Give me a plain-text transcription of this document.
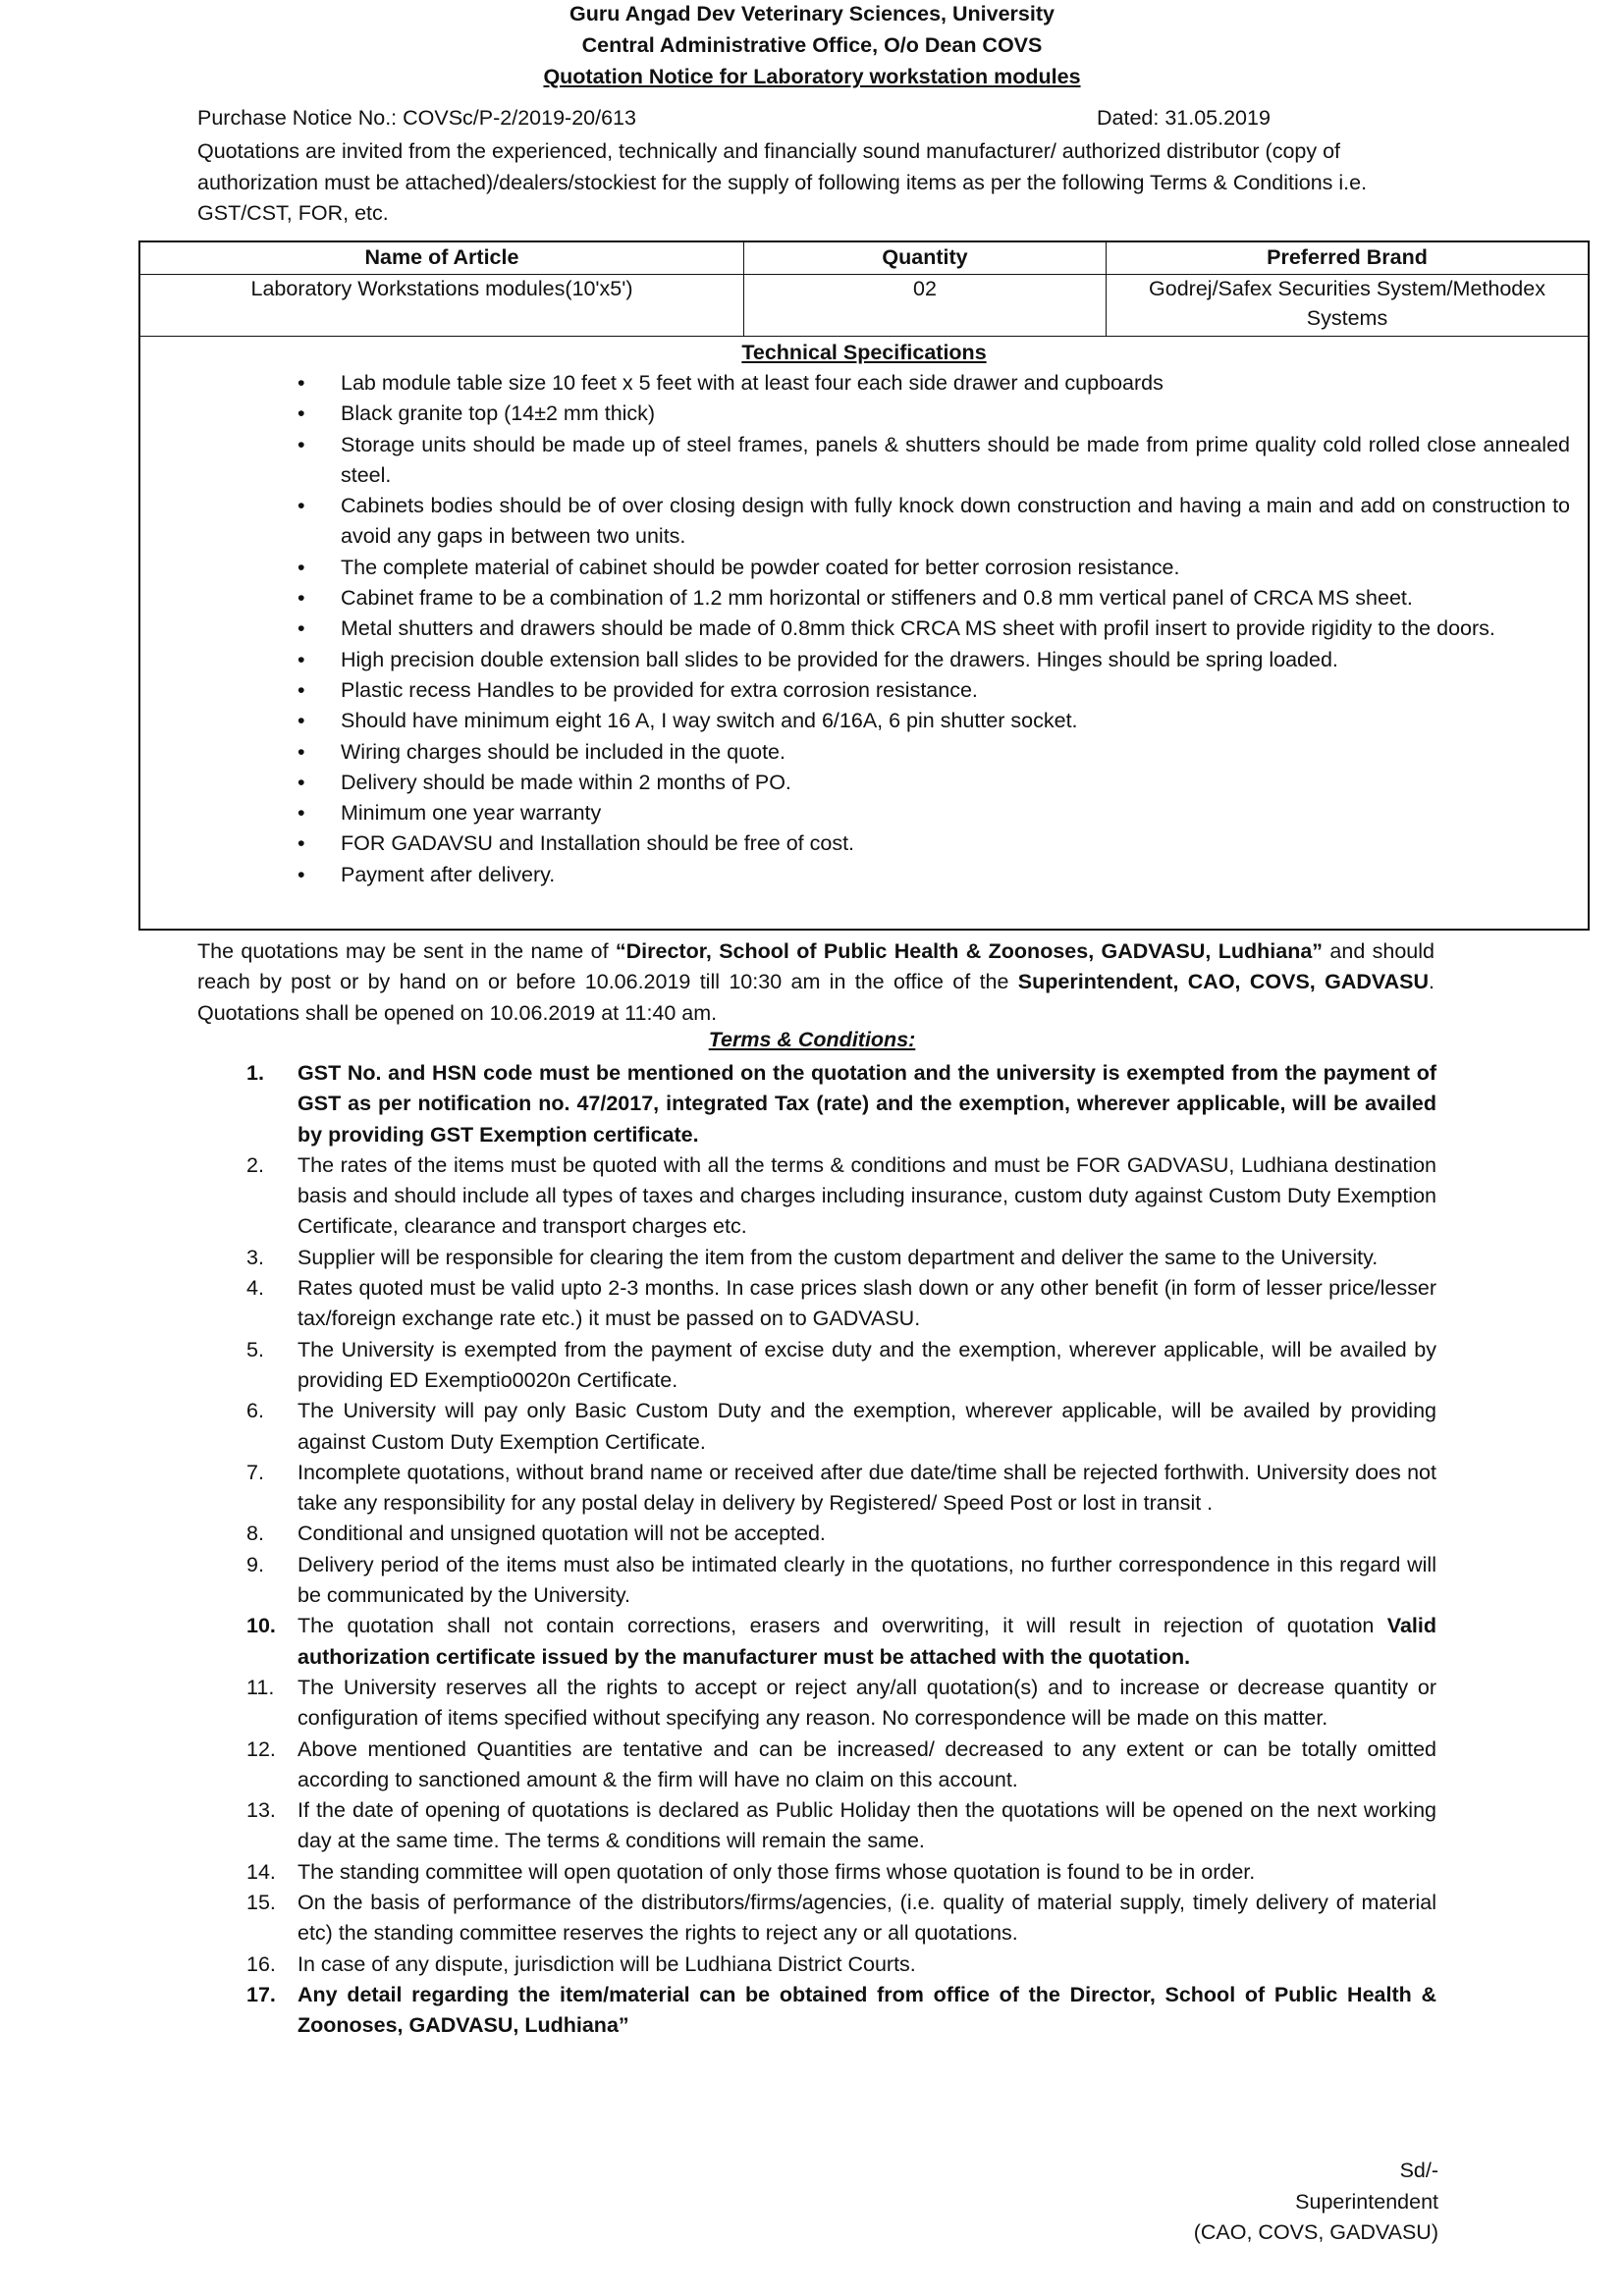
Guru Angad Dev Veterinary Sciences, University
Central Administrative Office, O/o Dean COVS
Quotation Notice for Laboratory workstation modules
Purchase Notice No.: COVSc/P-2/2019-20/613	Dated: 31.05.2019
Quotations are invited from the experienced, technically and financially sound manufacturer/ authorized distributor (copy of authorization must be attached)/dealers/stockiest for the supply of following items as per the following Terms & Conditions i.e. GST/CST, FOR, etc.
Name of Article	Quantity	Preferred Brand
Laboratory Workstations modules(10'x5')	02	Godrej/Safex Securities System/Methodex Systems
Technical Specifications
• Lab module table size 10 feet x 5 feet with at least four each side drawer and cupboards
• Black granite top (14±2 mm thick)
• Storage units should be made up of steel frames, panels & shutters should be made from prime quality cold rolled close annealed steel.
• Cabinets bodies should be of over closing design with fully knock down construction and having a main and add on construction to avoid any gaps in between two units.
• The complete material of cabinet should be powder coated for better corrosion resistance.
• Cabinet frame to be a combination of 1.2 mm horizontal or stiffeners and 0.8 mm vertical panel of CRCA MS sheet.
• Metal shutters and drawers should be made of 0.8mm thick CRCA MS sheet with profil insert to provide rigidity to the doors.
• High precision double extension ball slides to be provided for the drawers. Hinges should be spring loaded.
• Plastic recess Handles to be provided for extra corrosion resistance.
• Should have minimum eight 16 A, I way switch and 6/16A, 6 pin shutter socket.
• Wiring charges should be included in the quote.
• Delivery should be made within 2 months of PO.
• Minimum one year warranty
• FOR GADAVSU and Installation should be free of cost.
• Payment after delivery.
The quotations may be sent in the name of “Director, School of Public Health & Zoonoses, GADVASU, Ludhiana” and should reach by post or by hand on or before 10.06.2019 till 10:30 am in the office of the Superintendent, CAO, COVS, GADVASU. Quotations shall be opened on 10.06.2019 at 11:40 am.
Terms & Conditions:
1.	GST No. and HSN code must be mentioned on the quotation and the university is exempted from the payment of GST as per notification no. 47/2017, integrated Tax (rate) and the exemption, wherever applicable, will be availed by providing GST Exemption certificate.
2.	The rates of the items must be quoted with all the terms & conditions and must be FOR GADVASU, Ludhiana destination basis and should include all types of taxes and charges including insurance, custom duty against Custom Duty Exemption Certificate, clearance and transport charges etc.
3.	Supplier will be responsible for clearing the item from the custom department and deliver the same to the University.
4.	Rates quoted must be valid upto 2-3 months. In case prices slash down or any other benefit (in form of lesser price/lesser tax/foreign exchange rate etc.) it must be passed on to GADVASU.
5.	The University is exempted from the payment of excise duty and the exemption, wherever applicable, will be availed by providing ED Exemptio0020n Certificate.
6.	The University will pay only Basic Custom Duty and the exemption, wherever applicable, will be availed by providing against Custom Duty Exemption Certificate.
7.	Incomplete quotations, without brand name or received after due date/time shall be rejected forthwith. University does not take any responsibility for any postal delay in delivery by Registered/ Speed Post or lost in transit .
8.	Conditional and unsigned quotation will not be accepted.
9.	Delivery period of the items must also be intimated clearly in the quotations, no further correspondence in this regard will be communicated by the University.
10.	The quotation shall not contain corrections, erasers and overwriting, it will result in rejection of quotation Valid authorization certificate issued by the manufacturer must be attached with the quotation.
11.	The University reserves all the rights to accept or reject any/all quotation(s) and to increase or decrease quantity or configuration of items specified without specifying any reason. No correspondence will be made on this matter.
12.	Above mentioned Quantities are tentative and can be increased/ decreased to any extent or can be totally omitted according to sanctioned amount & the firm will have no claim on this account.
13.	If the date of opening of quotations is declared as Public Holiday then the quotations will be opened on the next working day at the same time. The terms & conditions will remain the same.
14.	The standing committee will open quotation of only those firms whose quotation is found to be in order.
15.	On the basis of performance of the distributors/firms/agencies, (i.e. quality of material supply, timely delivery of material etc) the standing committee reserves the rights to reject any or all quotations.
16.	In case of any dispute, jurisdiction will be Ludhiana District Courts.
17.	Any detail regarding the item/material can be obtained from office of the Director, School of Public Health & Zoonoses, GADVASU, Ludhiana”
Sd/-
Superintendent
(CAO, COVS, GADVASU)
